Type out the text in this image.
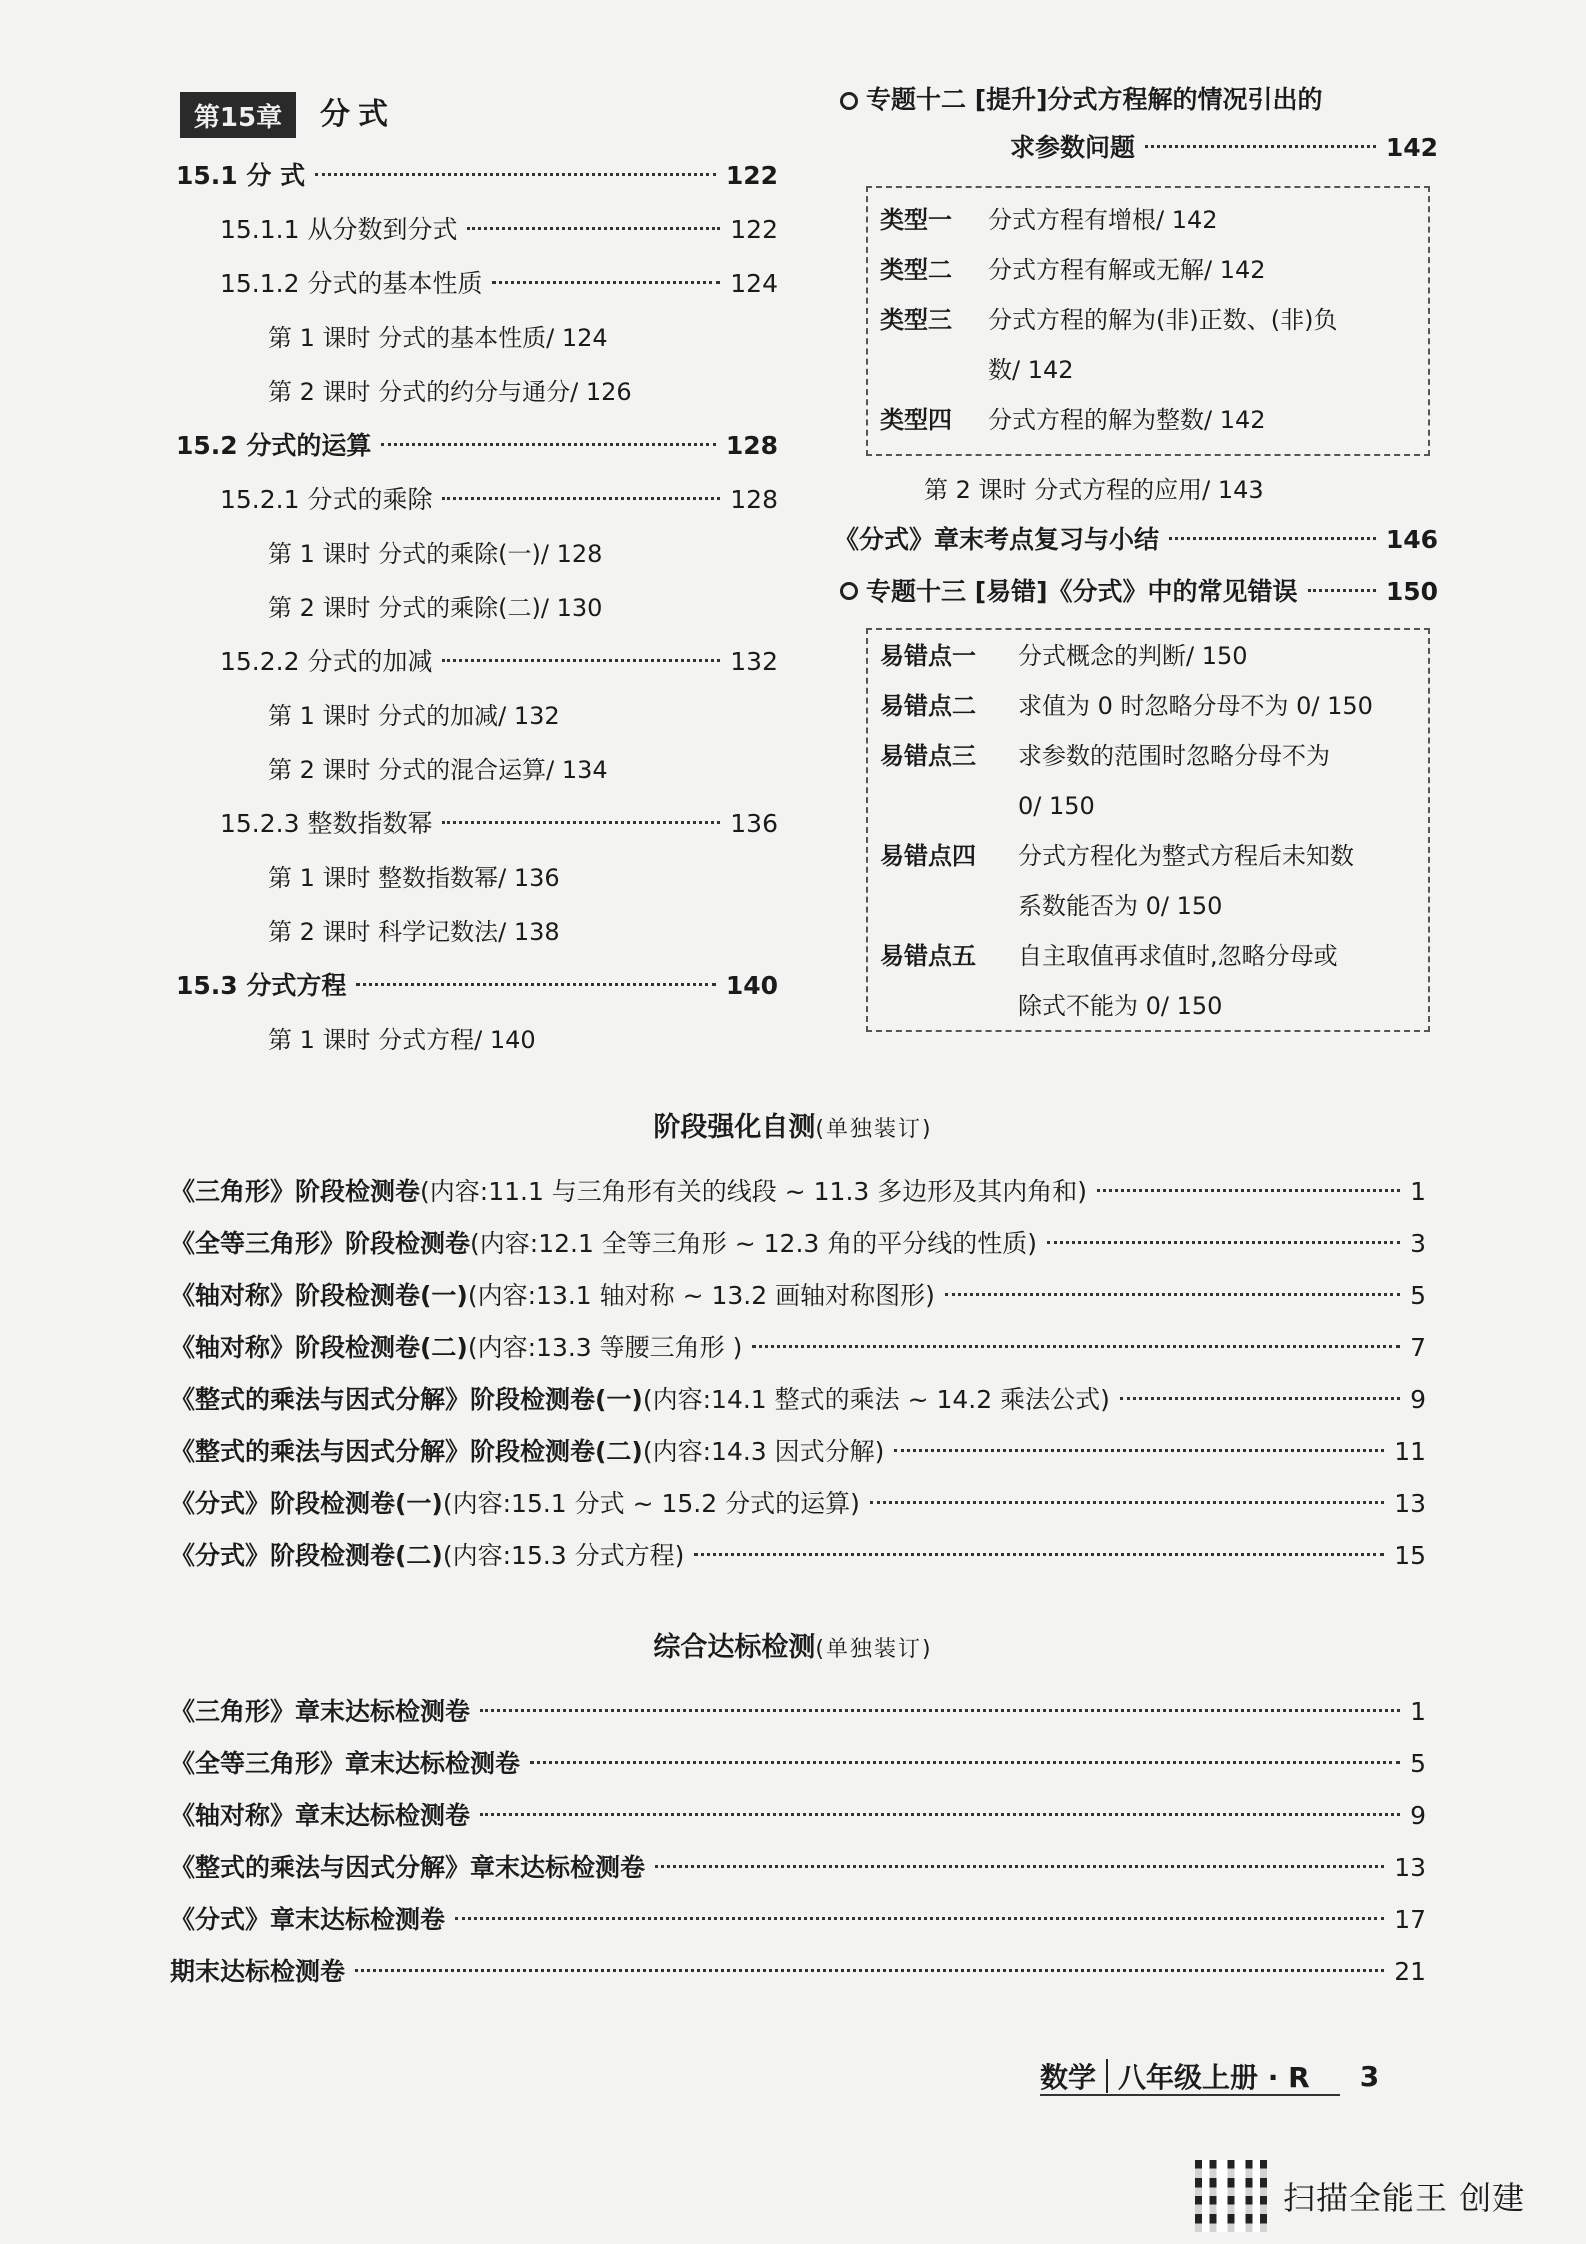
第15章	分式
15.1 分 式	122
15.1.1 从分数到分式	122
15.1.2 分式的基本性质	124
第 1 课时 分式的基本性质/ 124
第 2 课时 分式的约分与通分/ 126
15.2 分式的运算	128
15.2.1 分式的乘除	128
第 1 课时 分式的乘除(一)/ 128
第 2 课时 分式的乘除(二)/ 130
15.2.2 分式的加减	132
第 1 课时 分式的加减/ 132
第 2 课时 分式的混合运算/ 134
15.2.3 整数指数幂	136
第 1 课时 整数指数幂/ 136
第 2 课时 科学记数法/ 138
15.3 分式方程	140
第 1 课时 分式方程/ 140
专题十二 [提升]分式方程解的情况引出的
求参数问题	142
类型一 分式方程有增根/ 142
类型二 分式方程有解或无解/ 142
类型三 分式方程的解为(非)正数、(非)负
数/ 142
类型四 分式方程的解为整数/ 142
第 2 课时 分式方程的应用/ 143
《分式》章末考点复习与小结	146
专题十三 [易错]《分式》中的常见错误	150
易错点一 分式概念的判断/ 150
易错点二 求值为 0 时忽略分母不为 0/ 150
易错点三 求参数的范围时忽略分母不为
0/ 150
易错点四 分式方程化为整式方程后未知数
系数能否为 0/ 150
易错点五 自主取值再求值时,忽略分母或
除式不能为 0/ 150
阶段强化自测(单独装订)
《三角形》阶段检测卷(内容:11.1 与三角形有关的线段 ~ 11.3 多边形及其内角和)	1
《全等三角形》阶段检测卷(内容:12.1 全等三角形 ~ 12.3 角的平分线的性质)	3
《轴对称》阶段检测卷(一)(内容:13.1 轴对称 ~ 13.2 画轴对称图形)	5
《轴对称》阶段检测卷(二)(内容:13.3 等腰三角形 )	7
《整式的乘法与因式分解》阶段检测卷(一)(内容:14.1 整式的乘法 ~ 14.2 乘法公式)	9
《整式的乘法与因式分解》阶段检测卷(二)(内容:14.3 因式分解)	11
《分式》阶段检测卷(一)(内容:15.1 分式 ~ 15.2 分式的运算)	13
《分式》阶段检测卷(二)(内容:15.3 分式方程)	15
综合达标检测(单独装订)
《三角形》章末达标检测卷	1
《全等三角形》章末达标检测卷	5
《轴对称》章末达标检测卷	9
《整式的乘法与因式分解》章末达标检测卷	13
《分式》章末达标检测卷	17
期末达标检测卷	21
数学 八年级上册 · R 3
扫描全能王 创建
